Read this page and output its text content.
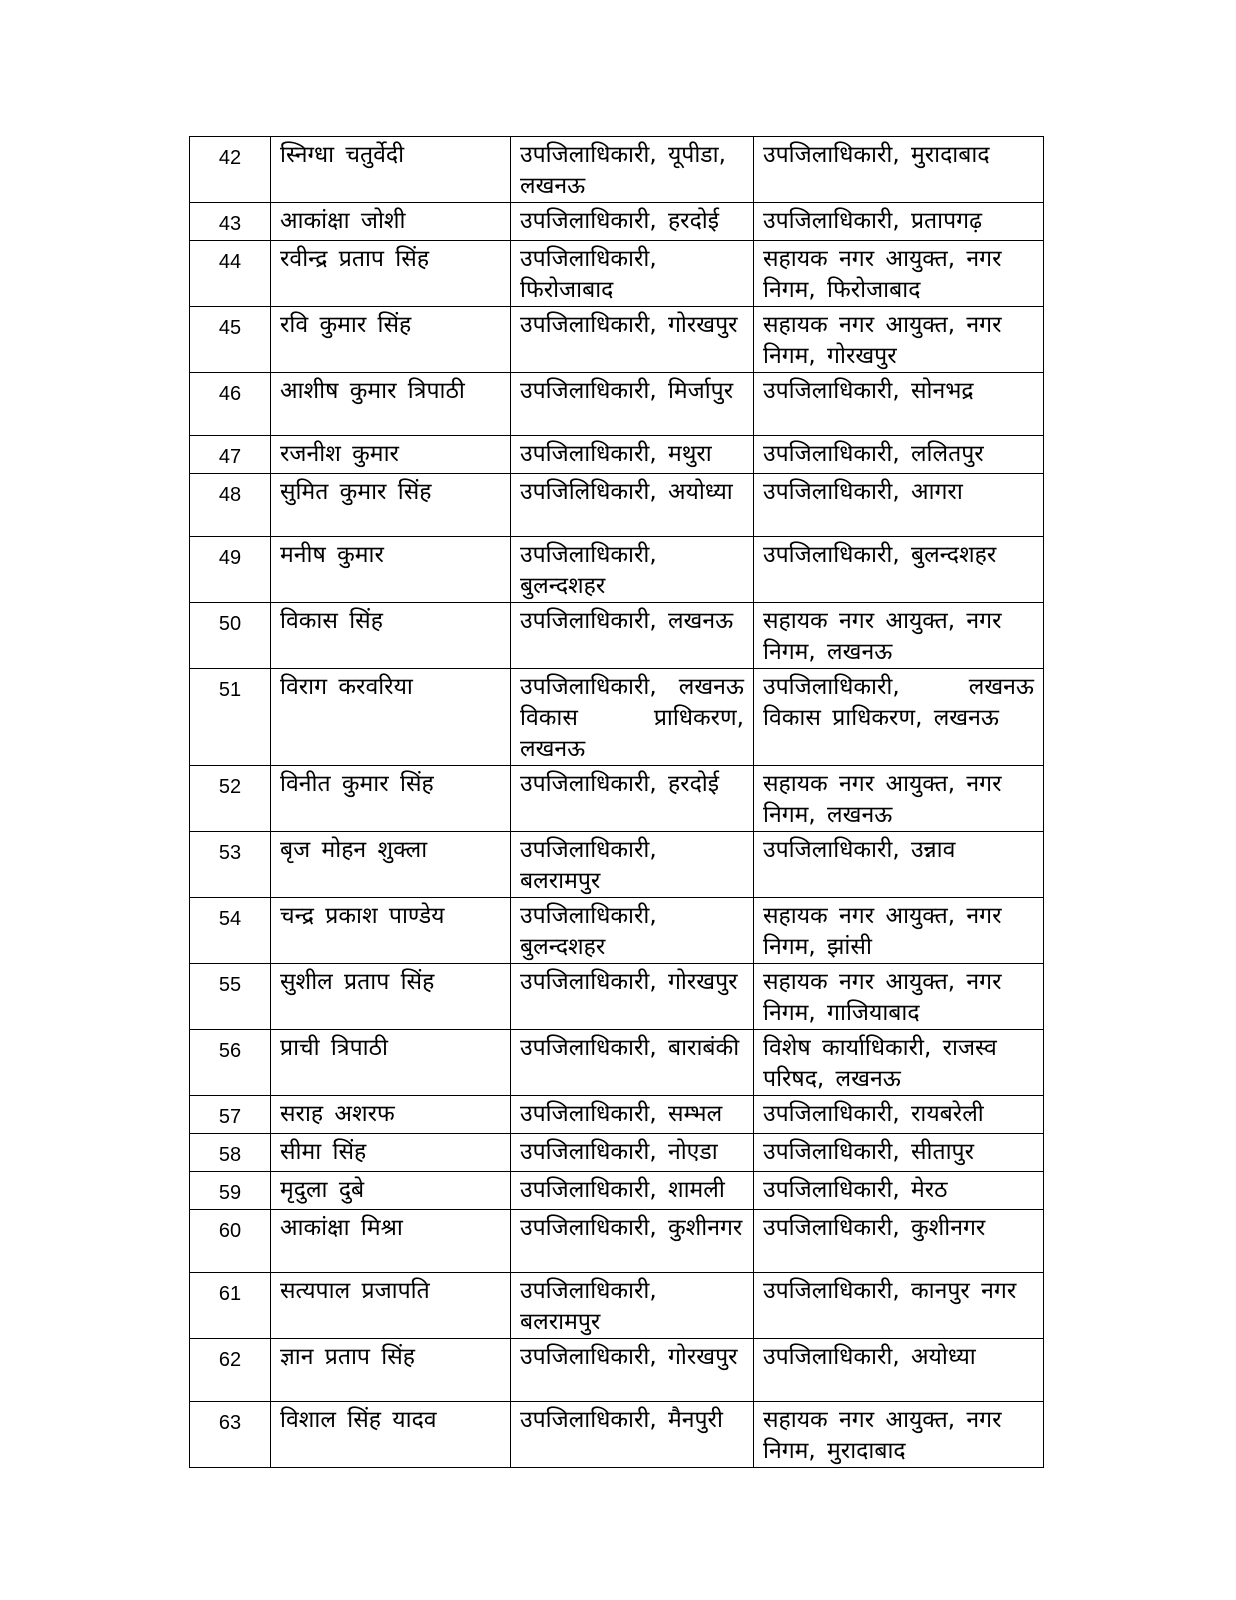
42	स्निग्धा चतुर्वेदी	उपजिलाधिकारी, यूपीडा, लखनऊ	उपजिलाधिकारी, मुरादाबाद
43	आकांक्षा जोशी	उपजिलाधिकारी, हरदोई	उपजिलाधिकारी, प्रतापगढ़
44	रवीन्द्र प्रताप सिंह	उपजिलाधिकारी, फिरोजाबाद	सहायक नगर आयुक्त, नगर निगम, फिरोजाबाद
45	रवि कुमार सिंह	उपजिलाधिकारी, गोरखपुर	सहायक नगर आयुक्त, नगर निगम, गोरखपुर
46	आशीष कुमार त्रिपाठी	उपजिलाधिकारी, मिर्जापुर	उपजिलाधिकारी, सोनभद्र
47	रजनीश कुमार	उपजिलाधिकारी, मथुरा	उपजिलाधिकारी, ललितपुर
48	सुमित कुमार सिंह	उपजिलिधिकारी, अयोध्या	उपजिलाधिकारी, आगरा
49	मनीष कुमार	उपजिलाधिकारी, बुलन्दशहर	उपजिलाधिकारी, बुलन्दशहर
50	विकास सिंह	उपजिलाधिकारी, लखनऊ	सहायक नगर आयुक्त, नगर निगम, लखनऊ
51	विराग करवरिया	उपजिलाधिकारी, लखनऊ विकास प्राधिकरण, लखनऊ	उपजिलाधिकारी, लखनऊ विकास प्राधिकरण, लखनऊ
52	विनीत कुमार सिंह	उपजिलाधिकारी, हरदोई	सहायक नगर आयुक्त, नगर निगम, लखनऊ
53	बृज मोहन शुक्ला	उपजिलाधिकारी, बलरामपुर	उपजिलाधिकारी, उन्नाव
54	चन्द्र प्रकाश पाण्डेय	उपजिलाधिकारी, बुलन्दशहर	सहायक नगर आयुक्त, नगर निगम, झांसी
55	सुशील प्रताप सिंह	उपजिलाधिकारी, गोरखपुर	सहायक नगर आयुक्त, नगर निगम, गाजियाबाद
56	प्राची त्रिपाठी	उपजिलाधिकारी, बाराबंकी	विशेष कार्याधिकारी, राजस्व परिषद, लखनऊ
57	सराह अशरफ	उपजिलाधिकारी, सम्भल	उपजिलाधिकारी, रायबरेली
58	सीमा सिंह	उपजिलाधिकारी, नोएडा	उपजिलाधिकारी, सीतापुर
59	मृदुला दुबे	उपजिलाधिकारी, शामली	उपजिलाधिकारी, मेरठ
60	आकांक्षा मिश्रा	उपजिलाधिकारी, कुशीनगर	उपजिलाधिकारी, कुशीनगर
61	सत्यपाल प्रजापति	उपजिलाधिकारी, बलरामपुर	उपजिलाधिकारी, कानपुर नगर
62	ज्ञान प्रताप सिंह	उपजिलाधिकारी, गोरखपुर	उपजिलाधिकारी, अयोध्या
63	विशाल सिंह यादव	उपजिलाधिकारी, मैनपुरी	सहायक नगर आयुक्त, नगर निगम, मुरादाबाद
